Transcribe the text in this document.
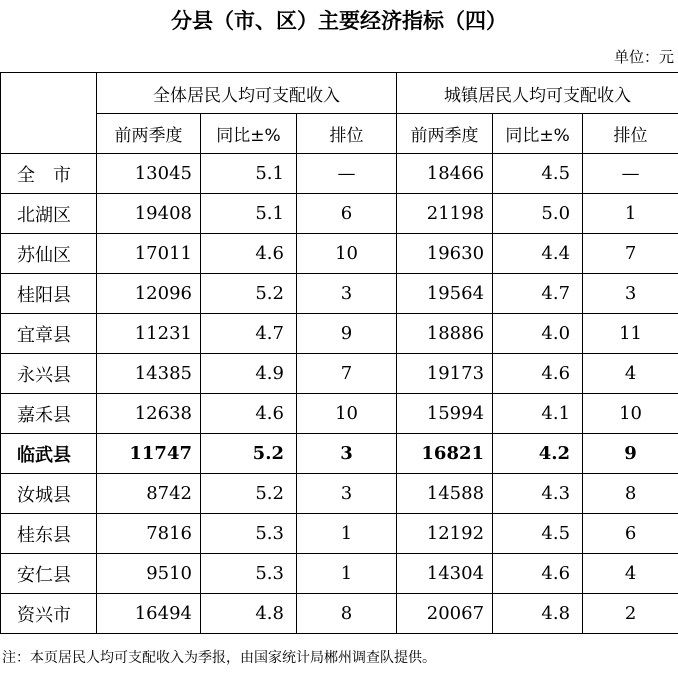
分县（市、区）主要经济指标（四）
单位：元
	全体居民人均可支配收入			城镇居民人均可支配收入		
	前两季度	同比±%	排位	前两季度	同比±%	排位
全　市	13045	5.1	—	18466	4.5	—
北湖区	19408	5.1	6	21198	5.0	1
苏仙区	17011	4.6	10	19630	4.4	7
桂阳县	12096	5.2	3	19564	4.7	3
宜章县	11231	4.7	9	18886	4.0	11
永兴县	14385	4.9	7	19173	4.6	4
嘉禾县	12638	4.6	10	15994	4.1	10
临武县	11747	5.2	3	16821	4.2	9
汝城县	8742	5.2	3	14588	4.3	8
桂东县	7816	5.3	1	12192	4.5	6
安仁县	9510	5.3	1	14304	4.6	4
资兴市	16494	4.8	8	20067	4.8	2
注：本页居民人均可支配收入为季报，由国家统计局郴州调查队提供。
